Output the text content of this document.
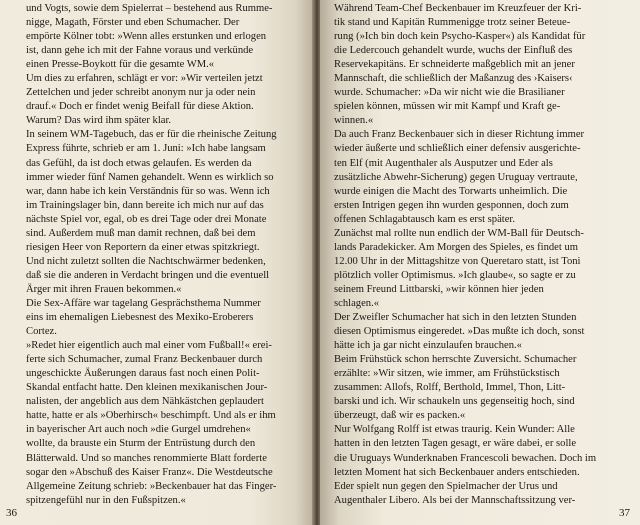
und Vogts, sowie dem Spielerrat – bestehend aus Rumme-
nigge, Magath, Förster und eben Schumacher. Der
empörte Kölner tobt: »Wenn alles erstunken und erlogen
ist, dann gehe ich mit der Fahne voraus und verkünde
einen Presse-Boykott für die gesamte WM.«
Um dies zu erfahren, schlägt er vor: »Wir verteilen jetzt
Zettelchen und jeder schreibt anonym nur ja oder nein
drauf.« Doch er findet wenig Beifall für diese Aktion.
Warum? Das wird ihm später klar.
In seinem WM-Tagebuch, das er für die rheinische Zeitung
Express führte, schrieb er am 1. Juni: »Ich habe langsam
das Gefühl, da ist doch etwas gelaufen. Es werden da
immer wieder fünf Namen gehandelt. Wenn es wirklich so
war, dann habe ich kein Verständnis für so was. Wenn ich
im Trainingslager bin, dann bereite ich mich nur auf das
nächste Spiel vor, egal, ob es drei Tage oder drei Monate
sind. Außerdem muß man damit rechnen, daß bei dem
riesigen Heer von Reportern da einer etwas spitzkriegt.
Und nicht zuletzt sollten die Nachtschwärmer bedenken,
daß sie die anderen in Verdacht bringen und die eventuell
Ärger mit ihren Frauen bekommen.«
Die Sex-Affäre war tagelang Gesprächsthema Nummer
eins im ehemaligen Liebesnest des Mexiko-Eroberers
Cortez.
»Redet hier eigentlich auch mal einer vom Fußball!« erei-
ferte sich Schumacher, zumal Franz Beckenbauer durch
ungeschickte Äußerungen daraus fast noch einen Polit-
Skandal entfacht hatte. Den kleinen mexikanischen Jour-
nalisten, der angeblich aus dem Nähkästchen geplaudert
hatte, hatte er als »Oberhirsch« beschimpft. Und als er ihm
in bayerischer Art auch noch »die Gurgel umdrehen«
wollte, da brauste ein Sturm der Entrüstung durch den
Blätterwald. Und so manches renommierte Blatt forderte
sogar den »Abschuß des Kaiser Franz«. Die Westdeutsche
Allgemeine Zeitung schrieb: »Beckenbauer hat das Finger-
spitzengefühl nur in den Fußspitzen.«
36
Während Team-Chef Beckenbauer im Kreuzfeuer der Kri-
tik stand und Kapitän Rummenigge trotz seiner Beteue-
rung (»Ich bin doch kein Psycho-Kasper«) als Kandidat für
die Ledercouch gehandelt wurde, wuchs der Einfluß des
Reservekapitäns. Er schneiderte maßgeblich mit an jener
Mannschaft, die schließlich der Maßanzug des ›Kaisers‹
wurde. Schumacher: »Da wir nicht wie die Brasilianer
spielen können, müssen wir mit Kampf und Kraft ge-
winnen.«
Da auch Franz Beckenbauer sich in dieser Richtung immer
wieder äußerte und schließlich einer defensiv ausgerichte-
ten Elf (mit Augenthaler als Ausputzer und Eder als
zusätzliche Abwehr-Sicherung) gegen Uruguay vertraute,
wurde einigen die Macht des Torwarts unheimlich. Die
ersten Intrigen gegen ihn wurden gesponnen, doch zum
offenen Schlagabtausch kam es erst später.
Zunächst mal rollte nun endlich der WM-Ball für Deutsch-
lands Paradekicker. Am Morgen des Spieles, es findet um
12.00 Uhr in der Mittagshitze von Queretaro statt, ist Toni
plötzlich voller Optimismus. »Ich glaube«, so sagte er zu
seinem Freund Littbarski, »wir können hier jeden
schlagen.«
Der Zweifler Schumacher hat sich in den letzten Stunden
diesen Optimismus eingeredet. »Das mußte ich doch, sonst
hätte ich ja gar nicht einzulaufen brauchen.«
Beim Frühstück schon herrschte Zuversicht. Schumacher
erzählte: »Wir sitzen, wie immer, am Frühstückstisch
zusammen: Allofs, Rolff, Berthold, Immel, Thon, Litt-
barski und ich. Wir schaukeln uns gegenseitig hoch, sind
überzeugt, daß wir es packen.«
Nur Wolfgang Rolff ist etwas traurig. Kein Wunder: Alle
hatten in den letzten Tagen gesagt, er wäre dabei, er solle
die Uruguays Wunderknaben Francescoli bewachen. Doch im
letzten Moment hat sich Beckenbauer anders entschieden.
Eder spielt nun gegen den Spielmacher der Urus und
Augenthaler Libero. Als bei der Mannschaftssitzung ver-
37
